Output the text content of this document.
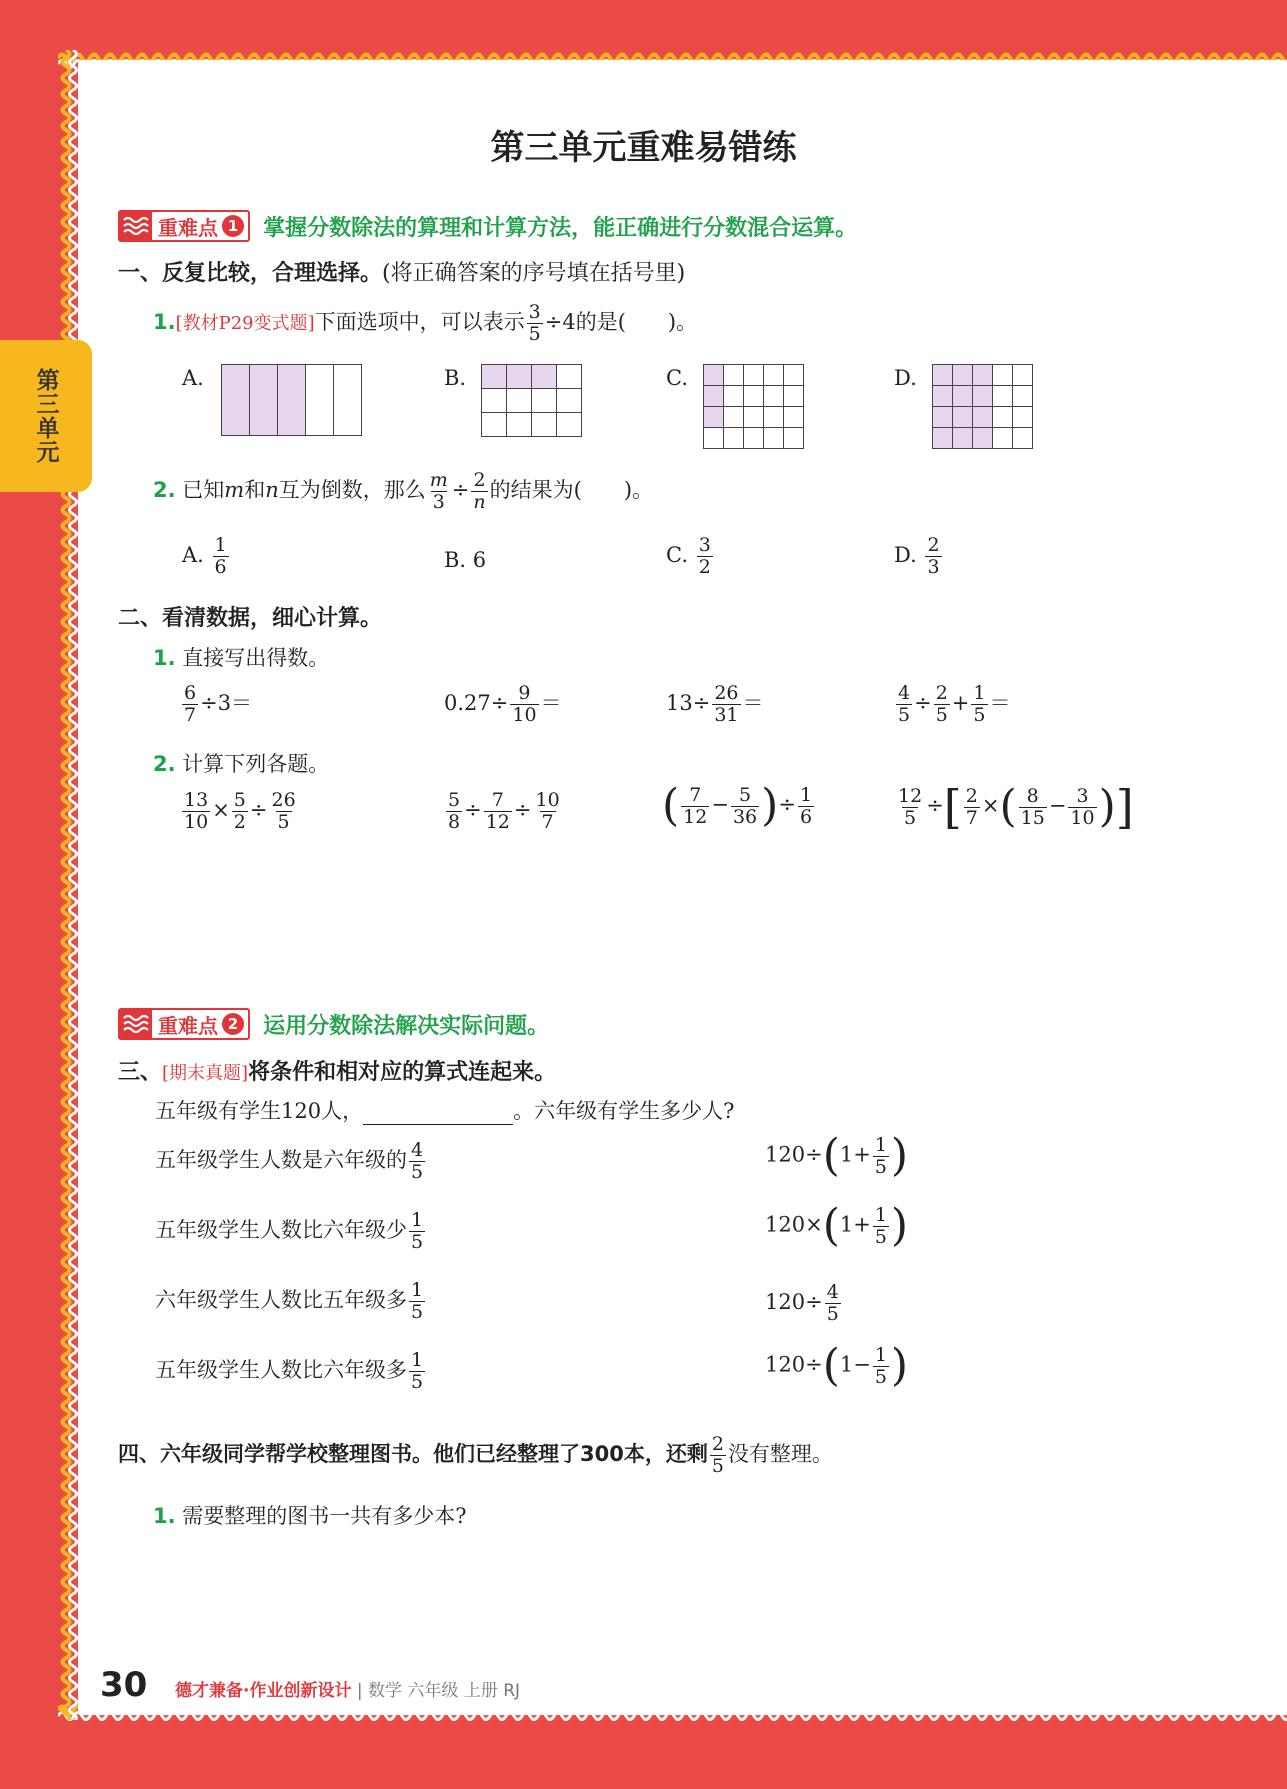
第三单元
第三单元重难易错练
重难点 1 掌握分数除法的算理和计算方法，能正确进行分数混合运算。
一、反复比较，合理选择。(将正确答案的序号填在括号里)
1.[教材P29变式题]下面选项中，可以表示 $\frac{3}{5} \div 4$的是(　　)。
A.
					B.

				C.

					D.

2. 已知m和n互为倒数，那么 $\frac{m}{3} \div \frac{2}{n}$ 的结果为(　　)。
A. $\frac{1}{6}$	B. 6	C. $\frac{3}{2}$	D. $\frac{2}{3}$
二、看清数据，细心计算。
1. 直接写出得数。
$\frac{6}{7} \div 3=$	$0.27\div \frac{9}{10}$ ＝	$13\div \frac{26}{31}$ ＝	$\frac{4}{5} \div \frac{2}{5} + \frac{1}{5}$ ＝
2. 计算下列各题。
$\frac{13}{10} \times \frac{5}{2} \div \frac{26}{5}$	$\frac{5}{8} \div \frac{7}{12} \div \frac{10}{7}$ ( $\frac{7}{12} - \frac{5}{36}$ )÷ $\frac{1}{6}$	$\frac{12}{5}$ ÷[ $\frac{2}{7}$ ×( $\frac{8}{15} - \frac{3}{10}$ )]
重难点 2 运用分数除法解决实际问题。
三、[期末真题]将条件和相对应的算式连起来。
五年级有学生120人，	。六年级有学生多少人?
五年级学生人数是六年级的 $\frac{4}{5}$
五年级学生人数比六年级少 $\frac{1}{5}$
六年级学生人数比五年级多 $\frac{1}{5}$
五年级学生人数比六年级多 $\frac{1}{5}$
$120\div(1+ \frac{1}{5}$ )
$120\times(1+ \frac{1}{5}$ )
$120\div \frac{4}{5}$
$120\div(1- \frac{1}{5}$ )
四、六年级同学帮学校整理图书。他们已经整理了300本，还剩 $\frac{2}{5}$ 没有整理。
1. 需要整理的图书一共有多少本?
30 德才兼备·作业创新设计 | 数学 六年级 上册 RJ
